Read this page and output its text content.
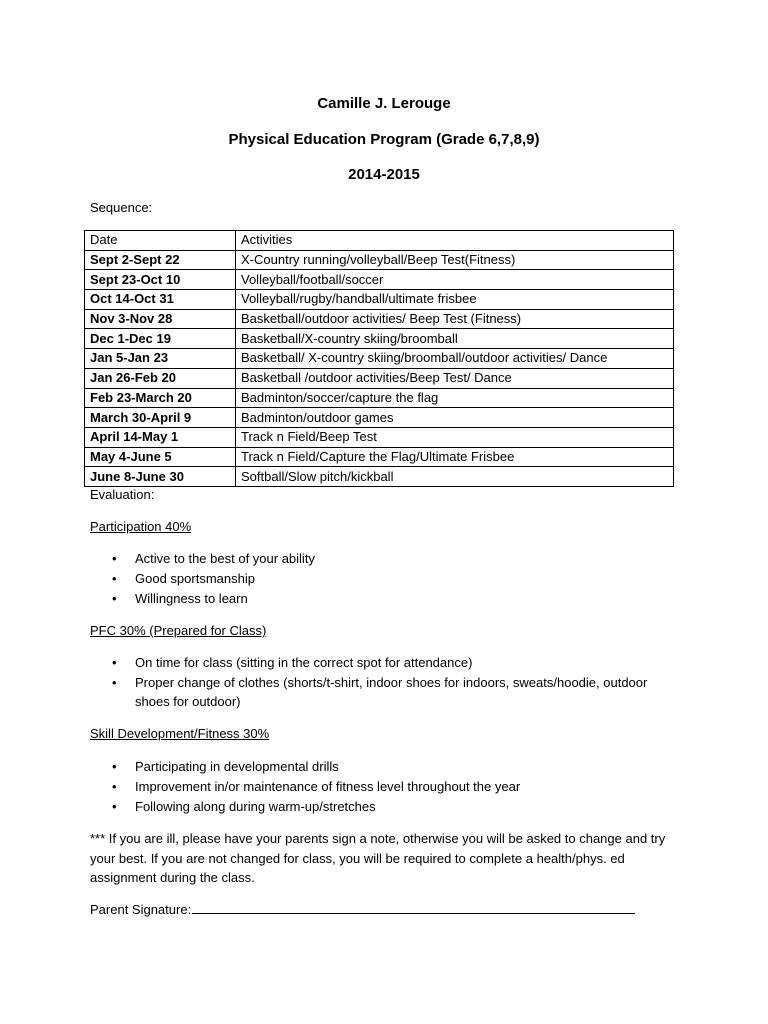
Camille J. Lerouge
Physical Education Program (Grade 6,7,8,9)
2014-2015
Sequence:
Date	Activities
Sept 2-Sept 22	X-Country running/volleyball/Beep Test(Fitness)
Sept 23-Oct 10	Volleyball/football/soccer
Oct 14-Oct 31	Volleyball/rugby/handball/ultimate frisbee
Nov 3-Nov 28	Basketball/outdoor activities/ Beep Test (Fitness)
Dec 1-Dec 19	Basketball/X-country skiing/broomball
Jan 5-Jan 23	Basketball/ X-country skiing/broomball/outdoor activities/ Dance
Jan 26-Feb 20	Basketball /outdoor activities/Beep Test/ Dance
Feb 23-March 20	Badminton/soccer/capture the flag
March 30-April 9	Badminton/outdoor games
April 14-May 1	Track n Field/Beep Test
May 4-June 5	Track n Field/Capture the Flag/Ultimate Frisbee
June 8-June 30	Softball/Slow pitch/kickball
Evaluation:
Participation 40%
• Active to the best of your ability
• Good sportsmanship
• Willingness to learn
PFC 30% (Prepared for Class)
• On time for class (sitting in the correct spot for attendance)
• Proper change of clothes (shorts/t-shirt, indoor shoes for indoors, sweats/hoodie, outdoor shoes for outdoor)
Skill Development/Fitness 30%
• Participating in developmental drills
• Improvement in/or maintenance of fitness level throughout the year
• Following along during warm-up/stretches

*** If you are ill, please have your parents sign a note, otherwise you will be asked to change and try your best. If you are not changed for class, you will be required to complete a health/phys. ed assignment during the class.

Parent Signature:
